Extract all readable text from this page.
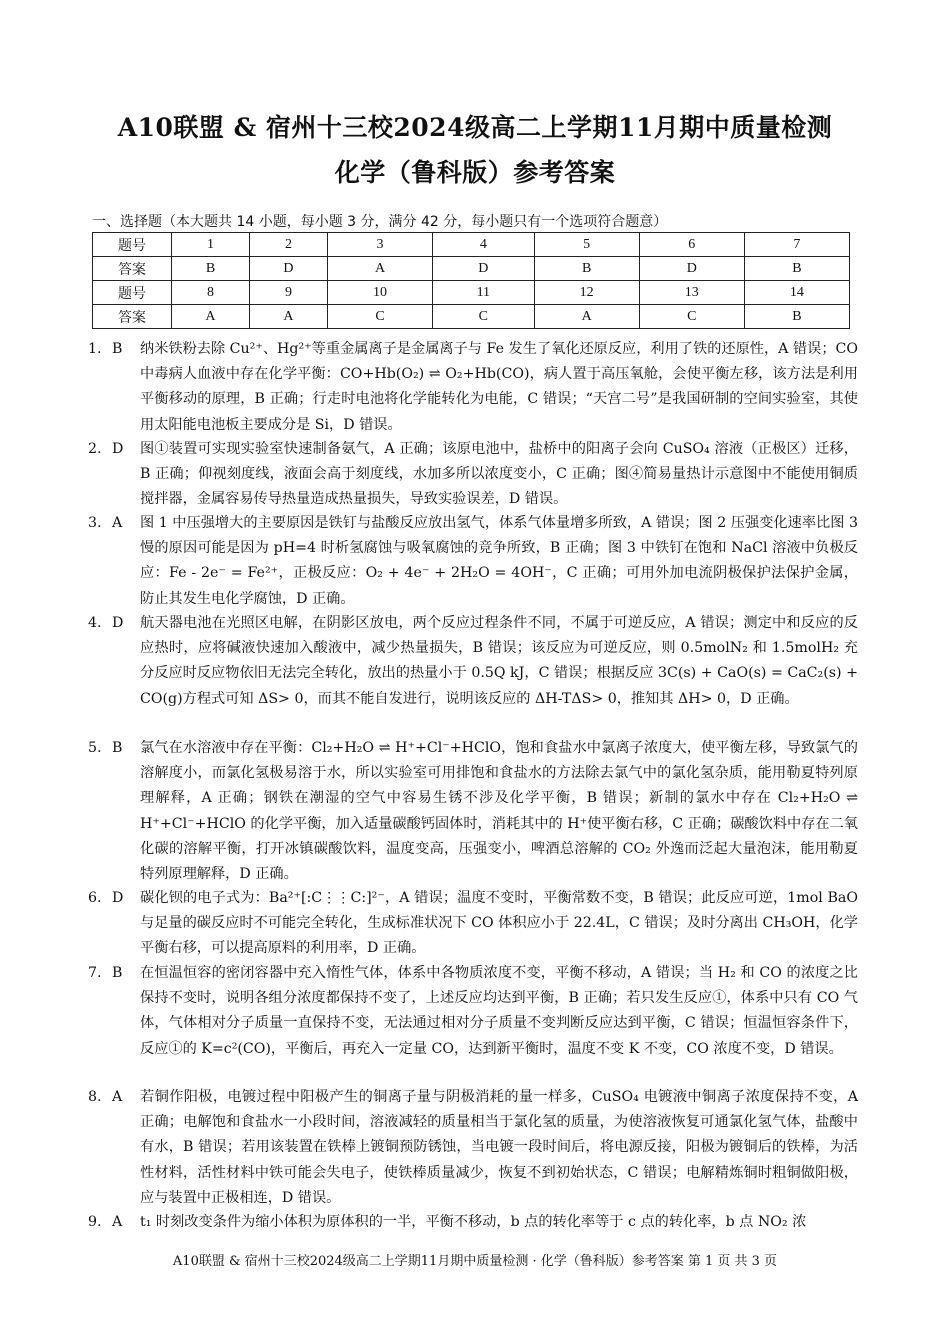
A10联盟 & 宿州十三校2024级高二上学期11月期中质量检测
化学（鲁科版）参考答案
一、选择题（本大题共 14 小题，每小题 3 分，满分 42 分，每小题只有一个选项符合题意）
题号	1	2	3	4	5	6	7
答案	B	D	A	D	B	D	B
题号	8	9	10	11	12	13	14
答案	A	A	C	C	A	C	B
1. B	纳米铁粉去除 Cu²⁺、Hg²⁺等重金属离子是金属离子与 Fe 发生了氧化还原反应，利用了铁的还原性，A 错误；CO 中毒病人血液中存在化学平衡：CO+Hb(O₂) ⇌ O₂+Hb(CO)，病人置于高压氧舱，会使平衡左移，该方法是利用平衡移动的原理，B 正确；行走时电池将化学能转化为电能，C 错误；“天宫二号”是我国研制的空间实验室，其使用太阳能电池板主要成分是 Si，D 错误。
2. D	图①装置可实现实验室快速制备氨气，A 正确；该原电池中，盐桥中的阳离子会向 CuSO₄ 溶液（正极区）迁移，B 正确；仰视刻度线，液面会高于刻度线，水加多所以浓度变小，C 正确；图④简易量热计示意图中不能使用铜质搅拌器，金属容易传导热量造成热量损失，导致实验误差，D 错误。
3. A	图 1 中压强增大的主要原因是铁钉与盐酸反应放出氢气，体系气体量增多所致，A 错误；图 2 压强变化速率比图 3 慢的原因可能是因为 pH=4 时析氢腐蚀与吸氧腐蚀的竞争所致，B 正确；图 3 中铁钉在饱和 NaCl 溶液中负极反应：Fe - 2e⁻ = Fe²⁺，正极反应：O₂ + 4e⁻ + 2H₂O = 4OH⁻，C 正确；可用外加电流阴极保护法保护金属，防止其发生电化学腐蚀，D 正确。
4. D	航天器电池在光照区电解，在阴影区放电，两个反应过程条件不同，不属于可逆反应，A 错误；测定中和反应的反应热时，应将碱液快速加入酸液中，减少热量损失，B 错误；该反应为可逆反应，则 0.5molN₂ 和 1.5molH₂ 充分反应时反应物依旧无法完全转化，放出的热量小于 0.5Q kJ，C 错误；根据反应 3C(s) + CaO(s) = CaC₂(s) + CO(g)方程式可知 ΔS> 0，而其不能自发进行，说明该反应的 ΔH-TΔS> 0，推知其 ΔH> 0，D 正确。
5. B	氯气在水溶液中存在平衡：Cl₂+H₂O ⇌ H⁺+Cl⁻+HClO，饱和食盐水中氯离子浓度大，使平衡左移，导致氯气的溶解度小，而氯化氢极易溶于水，所以实验室可用排饱和食盐水的方法除去氯气中的氯化氢杂质，能用勒夏特列原理解释，A 正确；钢铁在潮湿的空气中容易生锈不涉及化学平衡，B 错误；新制的氯水中存在 Cl₂+H₂O ⇌ H⁺+Cl⁻+HClO 的化学平衡，加入适量碳酸钙固体时，消耗其中的 H⁺使平衡右移，C 正确；碳酸饮料中存在二氧化碳的溶解平衡，打开冰镇碳酸饮料，温度变高，压强变小，啤酒总溶解的 CO₂ 外逸而泛起大量泡沫，能用勒夏特列原理解释，D 正确。
6. D	碳化钡的电子式为：Ba²⁺[:C⋮⋮C:]²⁻，A 错误；温度不变时，平衡常数不变，B 错误；此反应可逆，1mol BaO 与足量的碳反应时不可能完全转化，生成标准状况下 CO 体积应小于 22.4L，C 错误；及时分离出 CH₃OH，化学平衡右移，可以提高原料的利用率，D 正确。
7. B	在恒温恒容的密闭容器中充入惰性气体，体系中各物质浓度不变，平衡不移动，A 错误；当 H₂ 和 CO 的浓度之比保持不变时，说明各组分浓度都保持不变了，上述反应均达到平衡，B 正确；若只发生反应①，体系中只有 CO 气体，气体相对分子质量一直保持不变，无法通过相对分子质量不变判断反应达到平衡，C 错误；恒温恒容条件下，反应①的 K=c²(CO)，平衡后，再充入一定量 CO，达到新平衡时，温度不变 K 不变，CO 浓度不变，D 错误。
8. A	若铜作阳极，电镀过程中阳极产生的铜离子量与阴极消耗的量一样多，CuSO₄ 电镀液中铜离子浓度保持不变，A 正确；电解饱和食盐水一小段时间，溶液减轻的质量相当于氯化氢的质量，为使溶液恢复可通氯化氢气体，盐酸中有水，B 错误；若用该装置在铁棒上镀铜预防锈蚀，当电镀一段时间后，将电源反接，阳极为镀铜后的铁棒，为活性材料，活性材料中铁可能会失电子，使铁棒质量减少，恢复不到初始状态，C 错误；电解精炼铜时粗铜做阳极，应与装置中正极相连，D 错误。
9. A	t₁ 时刻改变条件为缩小体积为原体积的一半，平衡不移动，b 点的转化率等于 c 点的转化率，b 点 NO₂ 浓
A10联盟 & 宿州十三校2024级高二上学期11月期中质量检测 · 化学（鲁科版）参考答案 第 1 页 共 3 页
